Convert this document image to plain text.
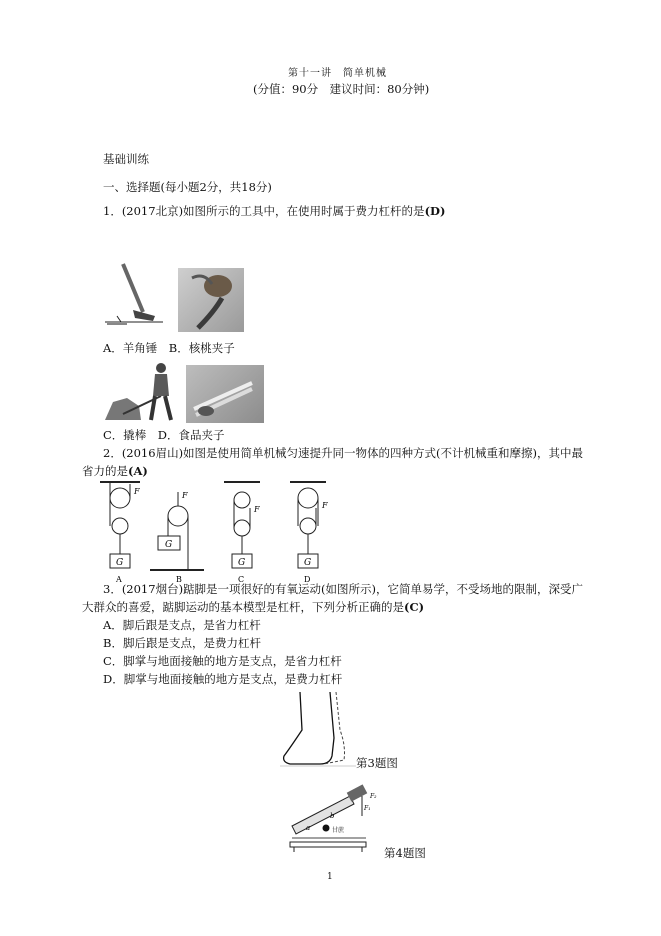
第十一讲　简单机械
(分值：90分　建议时间：80分钟)
基础训练
一、选择题(每小题2分，共18分)
1．(2017北京)如图所示的工具中，在使用时属于费力杠杆的是(D)
A．羊角锤　B．核桃夹子
C．撬棒　D．食品夹子
2．(2016眉山)如图是使用简单机械匀速提升同一物体的四种方式(不计机械重和摩擦)，其中最
省力的是(A)
G
F
A
G
F
B
G
F
C
G
F
D
3．(2017烟台)踮脚是一项很好的有氧运动(如图所示)，它简单易学，不受场地的限制，深受广
大群众的喜爱，踮脚运动的基本模型是杠杆，下列分析正确的是(C)
A．脚后跟是支点，是省力杠杆
B．脚后跟是支点，是费力杠杆
C．脚掌与地面接触的地方是支点，是省力杠杆
D．脚掌与地面接触的地方是支点，是费力杠杆
第3题图
a
b
甘蔗
F₁
F₂
第4题图
1
